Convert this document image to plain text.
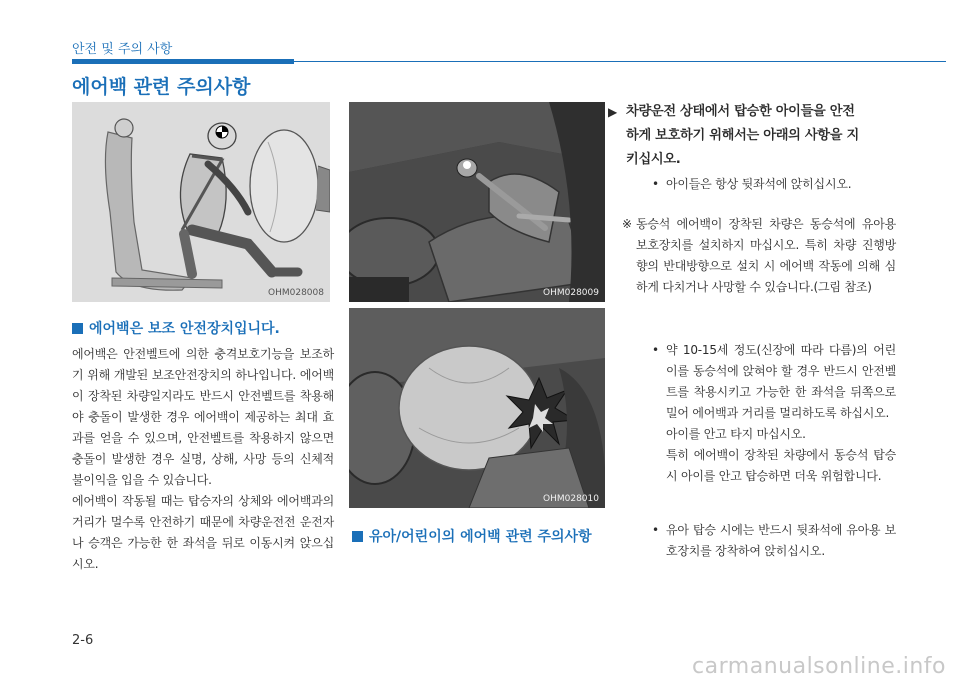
안전 및 주의 사항
에어백 관련 주의사항
OHM028008	OHM028009
OHM028010
에어백은 보조 안전장치입니다.

에어백은 안전벨트에 의한 충격보호기능을 보조하기 위해 개발된 보조안전장치의 하나입니다. 에어백이 장착된 차량일지라도 반드시 안전벨트를 착용해야 충돌이 발생한 경우 에어백이 제공하는 최대 효과를 얻을 수 있으며, 안전벨트를 착용하지 않으면 충돌이 발생한 경우 실명, 상해, 사망 등의 신체적 불이익을 입을 수 있습니다.

에어백이 작동될 때는 탑승자의 상체와 에어백과의 거리가 멀수록 안전하기 때문에 차량운전전 운전자나 승객은 가능한 한 좌석을 뒤로 이동시켜 앉으십시오.

유아/어린이의 에어백 관련 주의사항
▶ 차량운전 상태에서 탑승한 아이들을 안전
하게 보호하기 위해서는 아래의 사항을 지
키십시오.
• 아이들은 항상 뒷좌석에 앉히십시오.
※ 동승석 에어백이 장착된 차량은 동승석에 유아용 보호장치를 설치하지 마십시오. 특히 차량 진행방향의 반대방향으로 설치 시 에어백 작동에 의해 심하게 다치거나 사망할 수 있습니다.(그림 참조)
• 약 10-15세 정도(신장에 따라 다름)의 어린이를 동승석에 앉혀야 할 경우 반드시 안전벨트를 착용시키고 가능한 한 좌석을 뒤쪽으로 밀어 에어백과 거리를 멀리하도록 하십시오.
아이를 안고 타지 마십시오.
특히 에어백이 장착된 차량에서 동승석 탑승시 아이를 안고 탑승하면 더욱 위험합니다.
• 유아 탑승 시에는 반드시 뒷좌석에 유아용 보호장치를 장착하여 앉히십시오.
2-6
carmanualsonline.info
